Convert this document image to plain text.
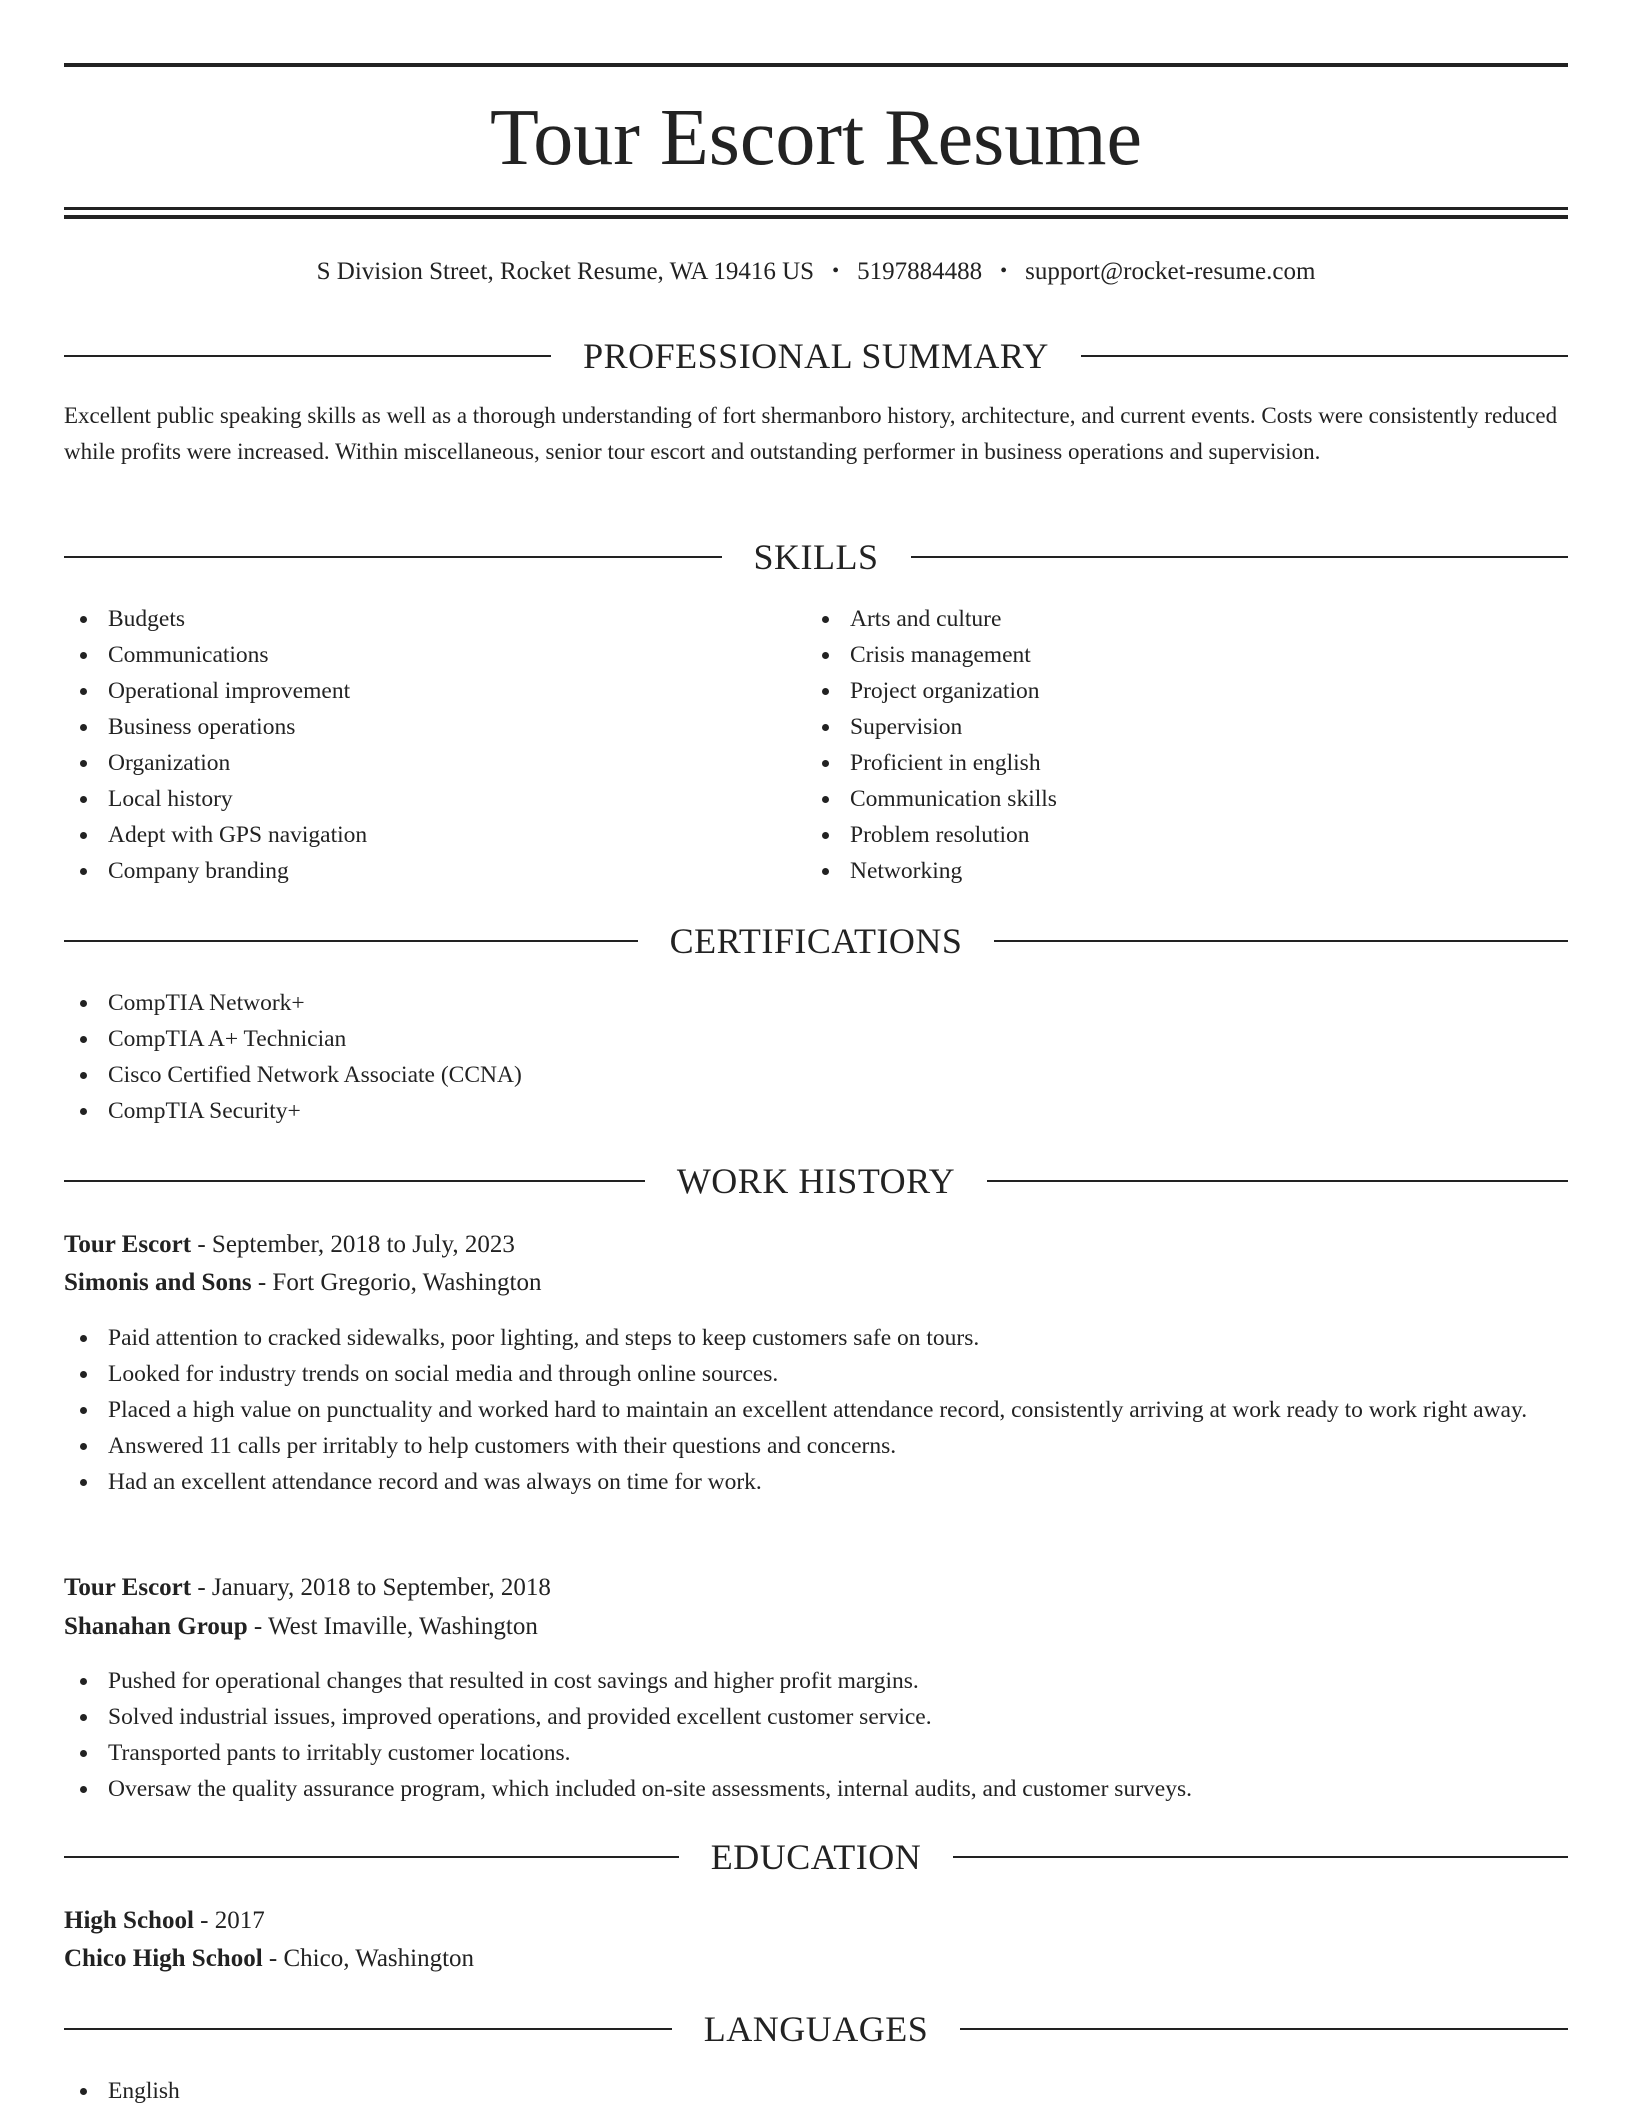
Tour Escort Resume
S Division Street, Rocket Resume, WA 19416 US • 5197884488 • support@rocket-resume.com
PROFESSIONAL SUMMARY

Excellent public speaking skills as well as a thorough understanding of fort shermanboro history, architecture, and current events. Costs were consistently reduced while profits were increased. Within miscellaneous, senior tour escort and outstanding performer in business operations and supervision.

SKILLS
Budgets
Communications
Operational improvement
Business operations
Organization
Local history
Adept with GPS navigation
Company branding
Arts and culture
Crisis management
Project organization
Supervision
Proficient in english
Communication skills
Problem resolution
Networking
CERTIFICATIONS
CompTIA Network+
CompTIA A+ Technician
Cisco Certified Network Associate (CCNA)
CompTIA Security+
WORK HISTORY
Tour Escort - September, 2018 to July, 2023
Simonis and Sons - Fort Gregorio, Washington
Paid attention to cracked sidewalks, poor lighting, and steps to keep customers safe on tours.
Looked for industry trends on social media and through online sources.
Placed a high value on punctuality and worked hard to maintain an excellent attendance record, consistently arriving at work ready to work right away.
Answered 11 calls per irritably to help customers with their questions and concerns.
Had an excellent attendance record and was always on time for work.
Tour Escort - January, 2018 to September, 2018
Shanahan Group - West Imaville, Washington
Pushed for operational changes that resulted in cost savings and higher profit margins.
Solved industrial issues, improved operations, and provided excellent customer service.
Transported pants to irritably customer locations.
Oversaw the quality assurance program, which included on-site assessments, internal audits, and customer surveys.
EDUCATION
High School - 2017
Chico High School - Chico, Washington
LANGUAGES
English
